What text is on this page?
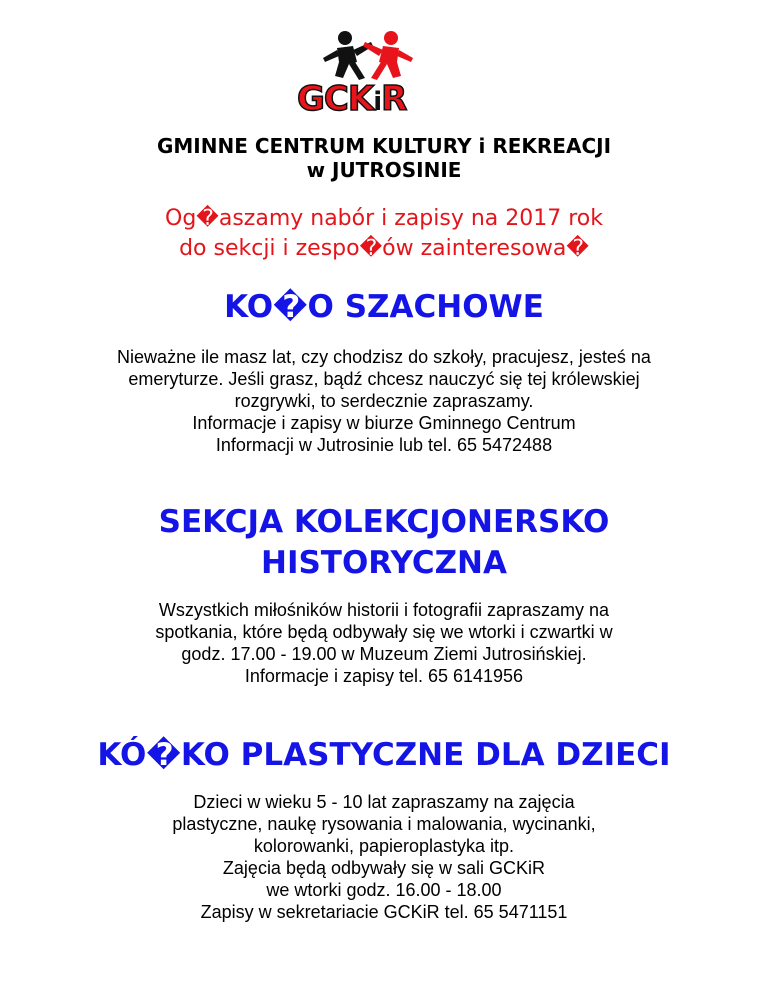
GCKiR
GMINNE CENTRUM KULTURY i REKREACJI
w JUTROSINIE
Og�aszamy nabór i zapisy na 2017 rok
do sekcji i zespo�ów zainteresowa�
KO�O SZACHOWE
Nieważne ile masz lat, czy chodzisz do szkoły, pracujesz, jesteś na
emeryturze. Jeśli grasz, bądź chcesz nauczyć się tej królewskiej
rozgrywki, to serdecznie zapraszamy.
Informacje i zapisy w biurze Gminnego Centrum
Informacji w Jutrosinie lub tel. 65 5472488
SEKCJA KOLEKCJONERSKO
HISTORYCZNA
Wszystkich miłośników historii i fotografii zapraszamy na
spotkania, które będą odbywały się we wtorki i czwartki w
godz. 17.00 - 19.00 w Muzeum Ziemi Jutrosińskiej.
Informacje i zapisy tel. 65 6141956
KÓ�KO PLASTYCZNE DLA DZIECI
Dzieci w wieku 5 - 10 lat zapraszamy na zajęcia
plastyczne, naukę rysowania i malowania, wycinanki,
kolorowanki, papieroplastyka itp.
Zajęcia będą odbywały się w sali GCKiR
we wtorki godz. 16.00 - 18.00
Zapisy w sekretariacie GCKiR tel. 65 5471151
